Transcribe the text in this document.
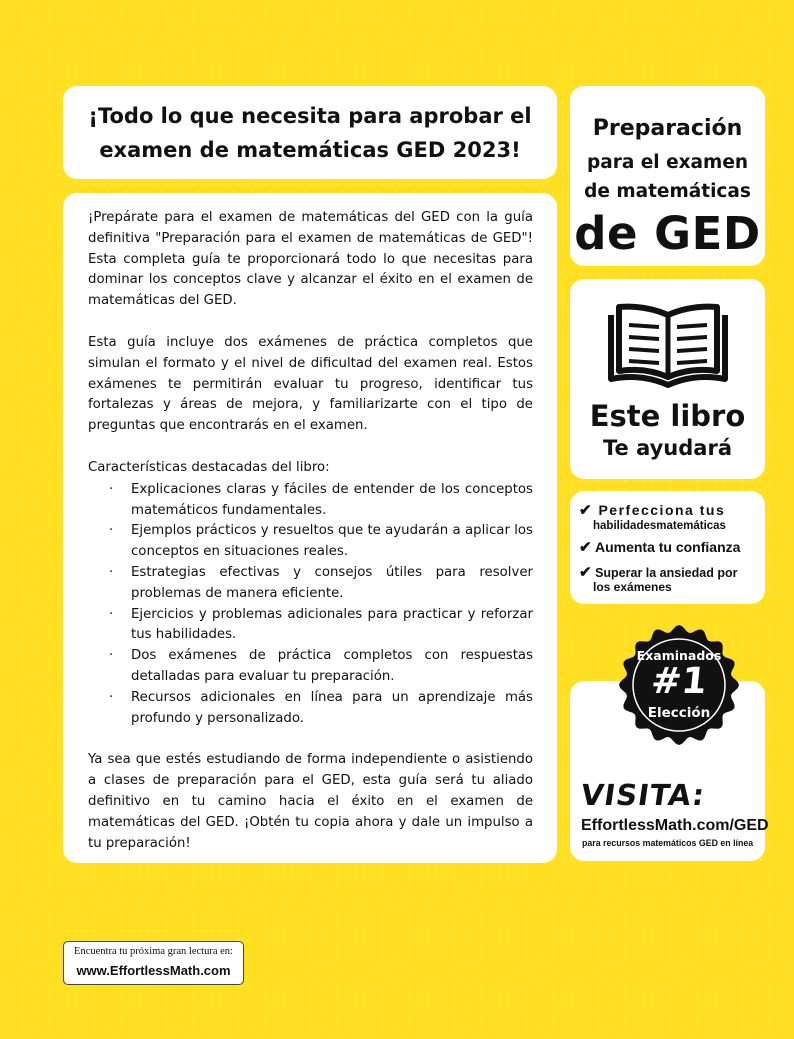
¡Todo lo que necesita para aprobar el
examen de matemáticas GED 2023!

¡Prepárate para el examen de matemáticas del GED con la guía definitiva "Preparación para el examen de matemáticas de GED"! Esta completa guía te proporcionará todo lo que necesitas para dominar los conceptos clave y alcanzar el éxito en el examen de matemáticas del GED.

Esta guía incluye dos exámenes de práctica completos que simulan el formato y el nivel de dificultad del examen real. Estos exámenes te permitirán evaluar tu progreso, identificar tus fortalezas y áreas de mejora, y familiarizarte con el tipo de preguntas que encontrarás en el examen.

Características destacadas del libro:
· Explicaciones claras y fáciles de entender de los conceptos matemáticos fundamentales.
· Ejemplos prácticos y resueltos que te ayudarán a aplicar los conceptos en situaciones reales.
· Estrategias efectivas y consejos útiles para resolver problemas de manera eficiente.
· Ejercicios y problemas adicionales para practicar y reforzar tus habilidades.
· Dos exámenes de práctica completos con respuestas detalladas para evaluar tu preparación.
· Recursos adicionales en línea para un aprendizaje más profundo y personalizado.

Ya sea que estés estudiando de forma independiente o asistiendo a clases de preparación para el GED, esta guía será tu aliado definitivo en tu camino hacia el éxito en el examen de matemáticas del GED. ¡Obtén tu copia ahora y dale un impulso a tu preparación!

Preparación
para el examen
de matemáticas
de GED
Este libro
Te ayudará
✔ Perfecciona tus
habilidadesmatemáticas
✔ Aumenta tu confianza
✔ Superar la ansiedad por
los exámenes
VISITA:
EffortlessMath.com/GED
para recursos matemáticos GED en línea
Examinados
#1
Elección
Encuentra tu próxima gran lectura en:
www.EffortlessMath.com
